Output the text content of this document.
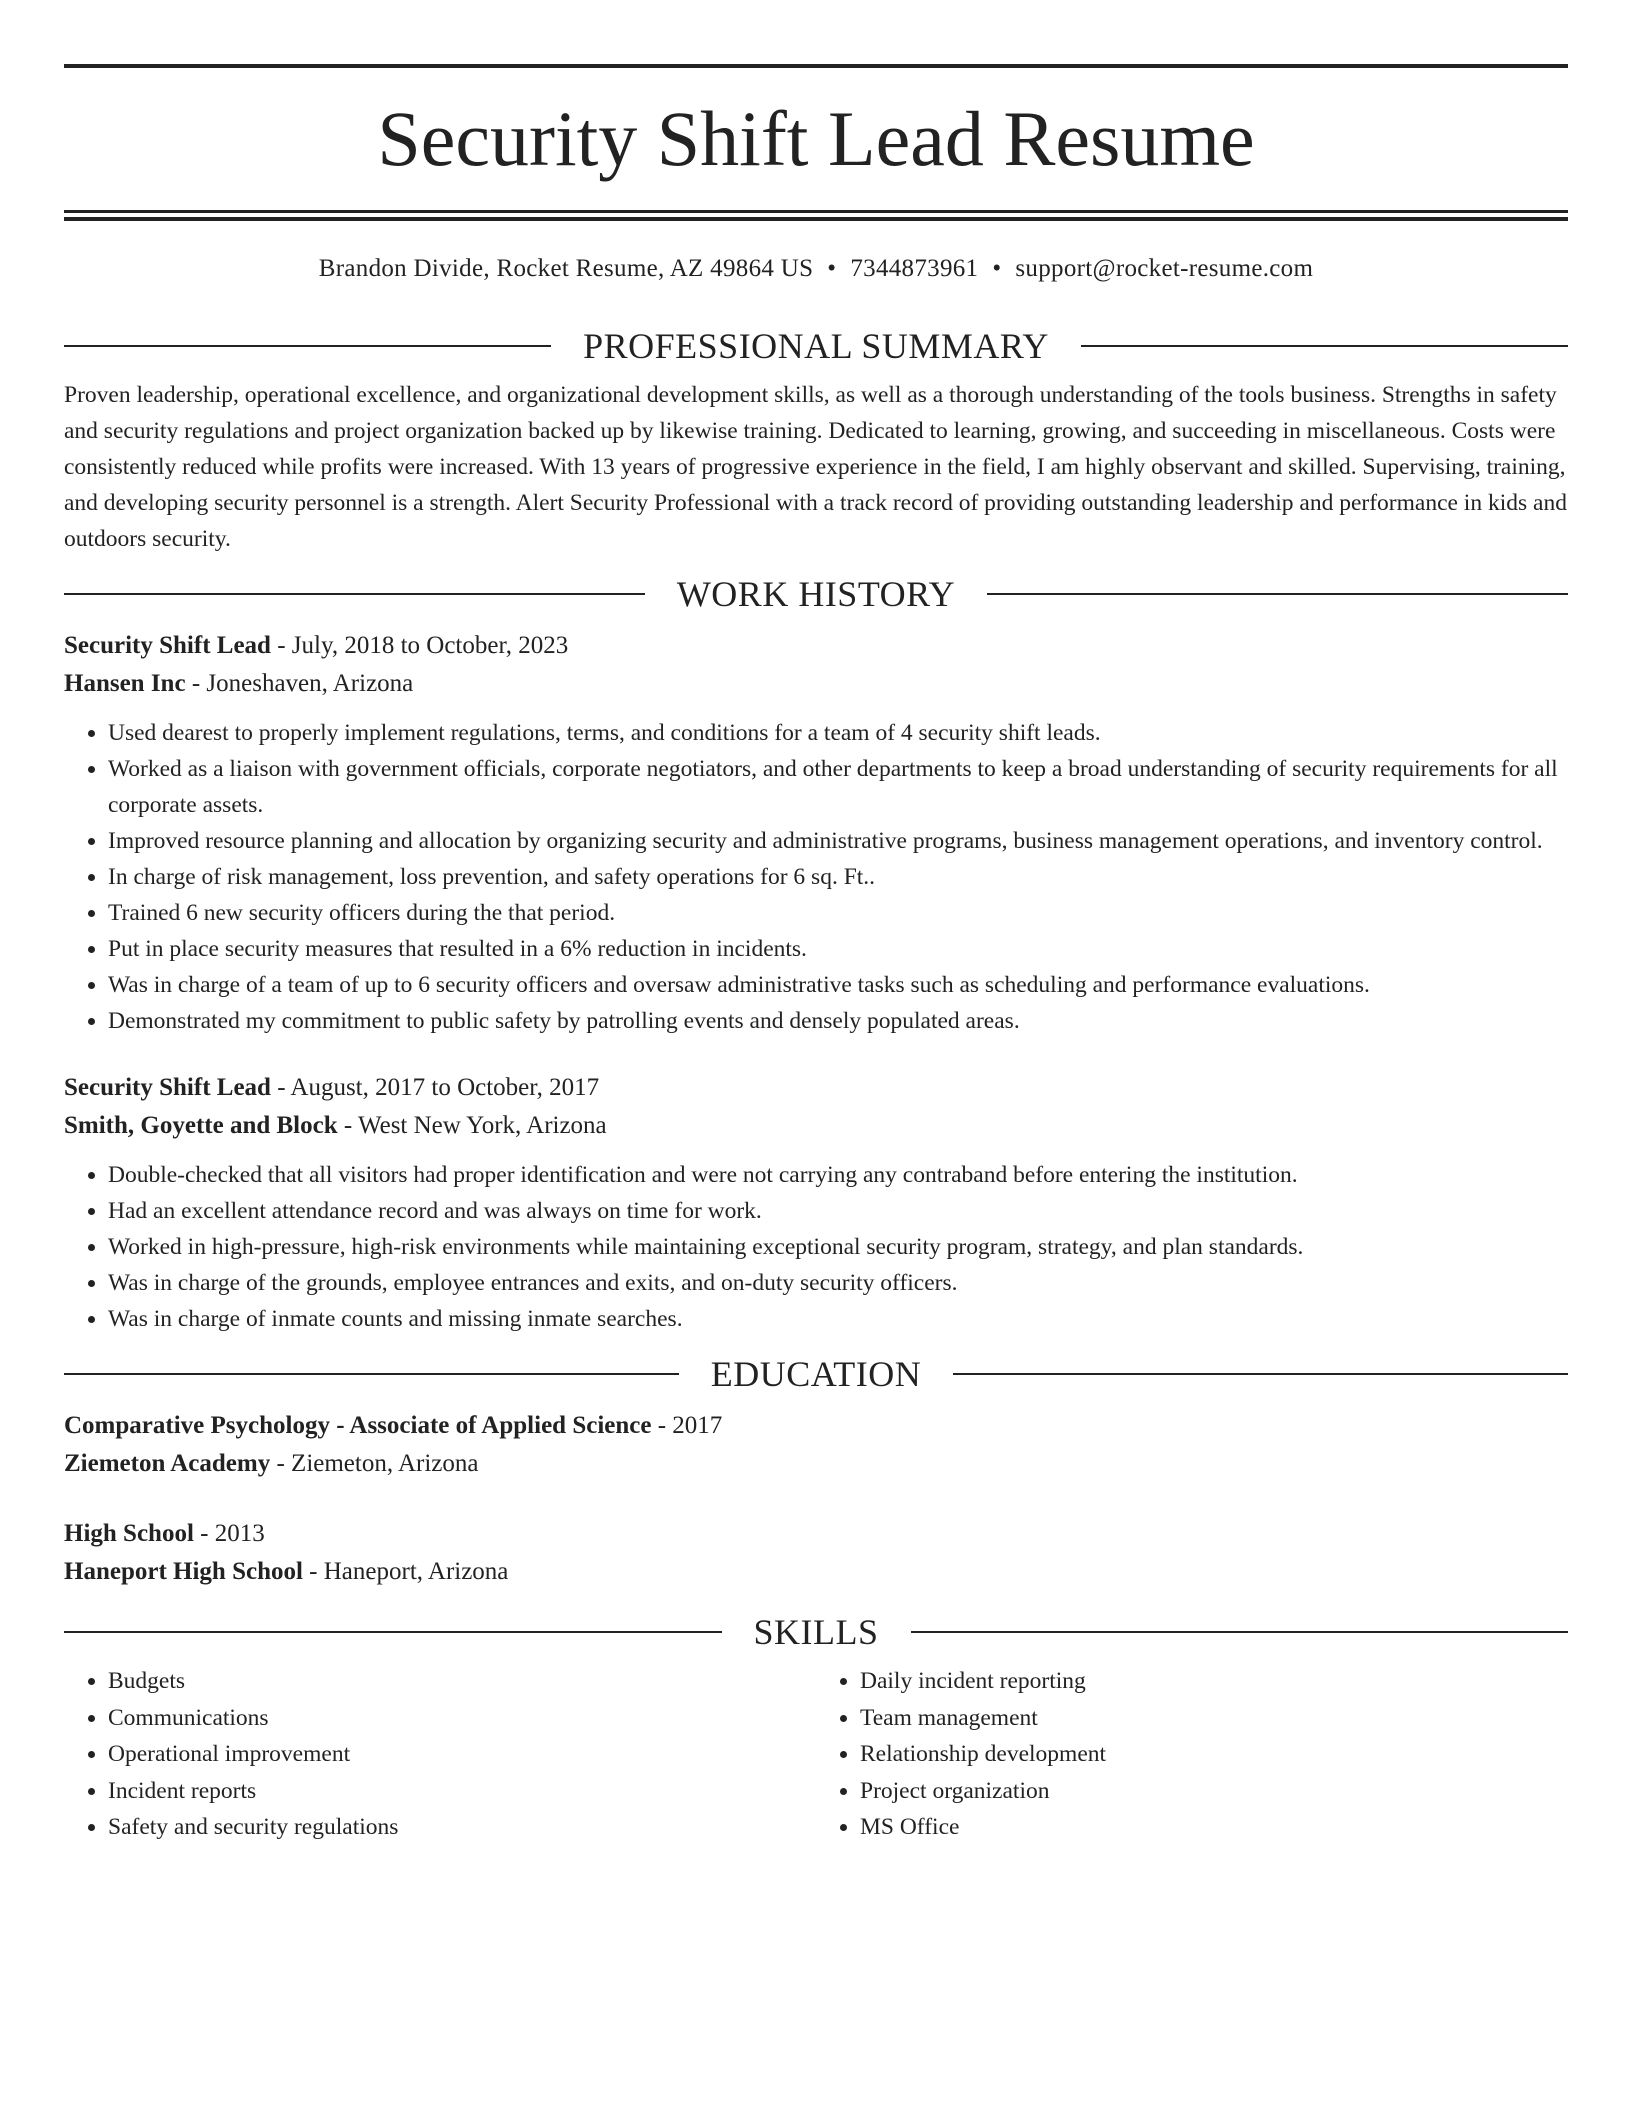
Security Shift Lead Resume
Brandon Divide, Rocket Resume, AZ 49864 US • 7344873961 • support@rocket-resume.com
PROFESSIONAL SUMMARY

Proven leadership, operational excellence, and organizational development skills, as well as a thorough understanding of the tools business. Strengths in safety and security regulations and project organization backed up by likewise training. Dedicated to learning, growing, and succeeding in miscellaneous. Costs were consistently reduced while profits were increased. With 13 years of progressive experience in the field, I am highly observant and skilled. Supervising, training, and developing security personnel is a strength. Alert Security Professional with a track record of providing outstanding leadership and performance in kids and outdoors security.

WORK HISTORY
Security Shift Lead - July, 2018 to October, 2023
Hansen Inc - Joneshaven, Arizona
• Used dearest to properly implement regulations, terms, and conditions for a team of 4 security shift leads.
• Worked as a liaison with government officials, corporate negotiators, and other departments to keep a broad understanding of security requirements for all corporate assets.
• Improved resource planning and allocation by organizing security and administrative programs, business management operations, and inventory control.
• In charge of risk management, loss prevention, and safety operations for 6 sq. Ft..
• Trained 6 new security officers during the that period.
• Put in place security measures that resulted in a 6% reduction in incidents.
• Was in charge of a team of up to 6 security officers and oversaw administrative tasks such as scheduling and performance evaluations.
• Demonstrated my commitment to public safety by patrolling events and densely populated areas.
Security Shift Lead - August, 2017 to October, 2017
Smith, Goyette and Block - West New York, Arizona
• Double-checked that all visitors had proper identification and were not carrying any contraband before entering the institution.
• Had an excellent attendance record and was always on time for work.
• Worked in high-pressure, high-risk environments while maintaining exceptional security program, strategy, and plan standards.
• Was in charge of the grounds, employee entrances and exits, and on-duty security officers.
• Was in charge of inmate counts and missing inmate searches.
EDUCATION
Comparative Psychology - Associate of Applied Science - 2017
Ziemeton Academy - Ziemeton, Arizona
High School - 2013
Haneport High School - Haneport, Arizona
SKILLS
• Budgets
• Communications
• Operational improvement
• Incident reports
• Safety and security regulations
• Daily incident reporting
• Team management
• Relationship development
• Project organization
• MS Office
